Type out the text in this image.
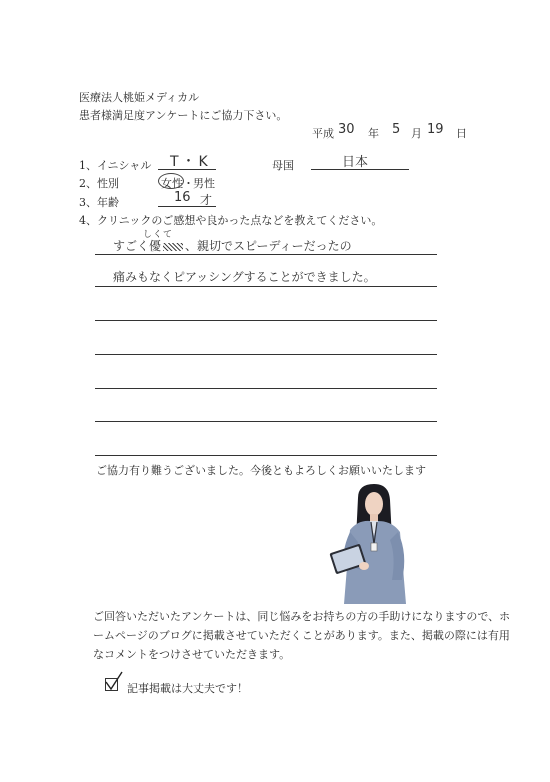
医療法人桃姫メディカル
患者様満足度アンケートにご協力下さい。
平成 30 年 5 月 19 日
1、イニシャル T・K	母国	日本
2、性別	女性 ・ 男性
3、年齢	16 才
4、クリニックのご感想や良かった点などを教えてください。
しくて
すごく優 、親切でスピーディーだったの
痛みもなくピアッシングすることができました。
ご協力有り難うございました。今後ともよろしくお願いいたします
ご回答いただいたアンケートは、同じ悩みをお持ちの方の手助けになりますので、ホ
ームページのブログに掲載させていただくことがあります。また、掲載の際には有用
なコメントをつけさせていただきます。
記事掲載は大丈夫です！
